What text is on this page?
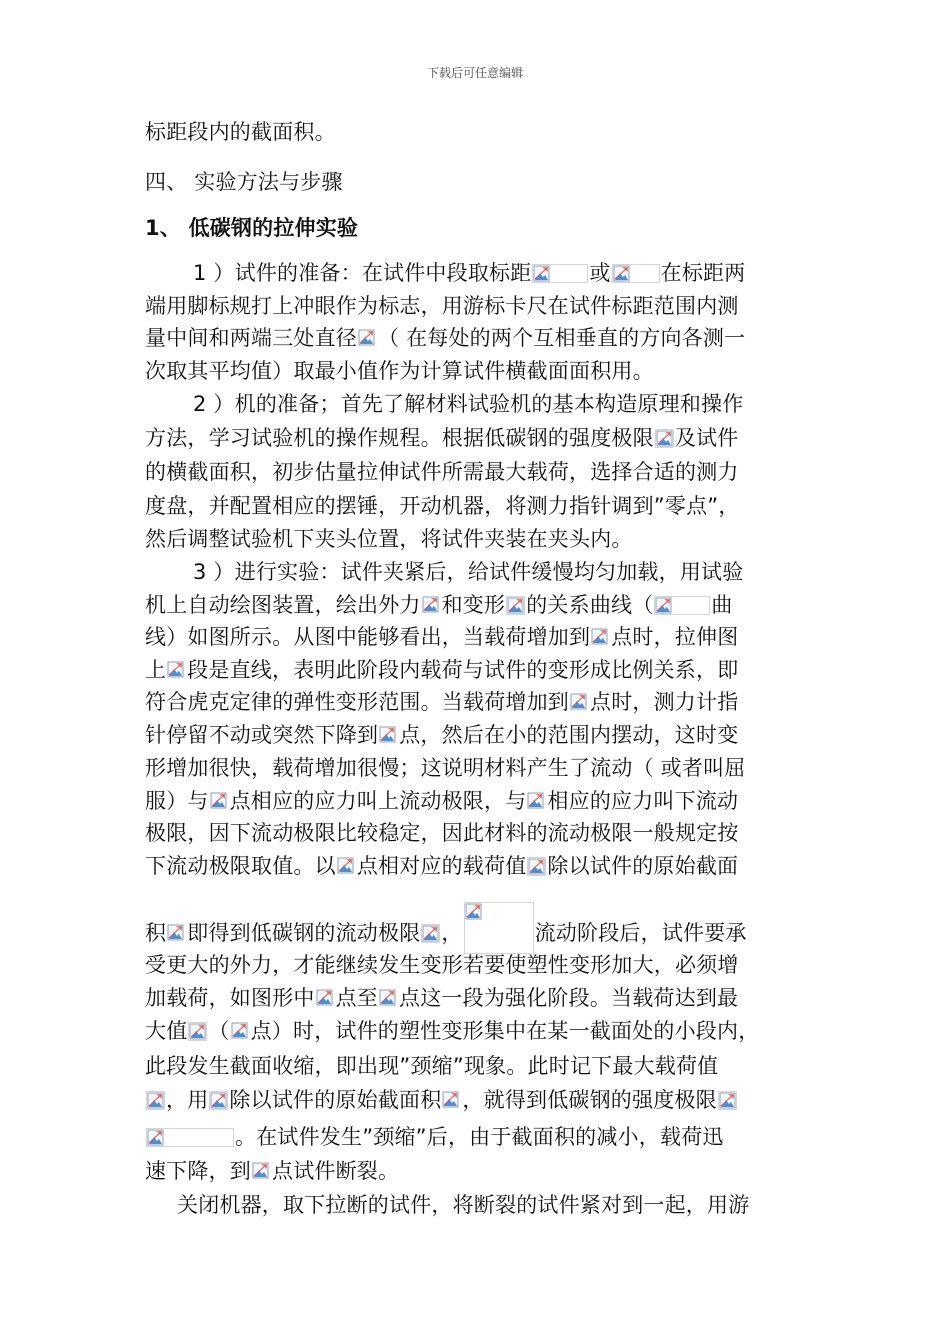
下载后可任意编辑
标距段内的截面积。
四、 实验方法与步骤
1、 低碳钢的拉伸实验
1 ）试件的准备：在试件中段取标距	或 在标距两
端用脚标规打上冲眼作为标志，用游标卡尺在试件标距范围内测
量中间和两端三处直径 （ 在每处的两个互相垂直的方向各测一
次取其平均值）取最小值作为计算试件横截面面积用。
2 ）机的准备；首先了解材料试验机的基本构造原理和操作
方法，学习试验机的操作规程。根据低碳钢的强度极限 及试件
的横截面积，初步估量拉伸试件所需最大载荷，选择合适的测力
度盘，并配置相应的摆锤，开动机器，将测力指针调到”零点”，
然后调整试验机下夹头位置，将试件夹装在夹头内。
3 ）进行实验：试件夹紧后，给试件缓慢均匀加载，用试验
机上自动绘图装置，绘出外力 和变形 的关系曲线（	曲
线）如图所示。从图中能够看出，当载荷增加到 点时，拉伸图
上 段是直线，表明此阶段内载荷与试件的变形成比例关系，即
符合虎克定律的弹性变形范围。当载荷增加到 点时，测力计指
针停留不动或突然下降到 点，然后在小的范围内摆动，这时变
形增加很快，载荷增加很慢；这说明材料产生了流动（ 或者叫屈
服）与 点相应的应力叫上流动极限，与 相应的应力叫下流动
极限，因下流动极限比较稳定，因此材料的流动极限一般规定按
下流动极限取值。以 点相对应的载荷值 除以试件的原始截面
积 即得到低碳钢的流动极限 ，	流动阶段后，试件要承
受更大的外力，才能继续发生变形若要使塑性变形加大，必须增
加载荷，如图形中 点至 点这一段为强化阶段。当载荷达到最
大值 （ 点）时，试件的塑性变形集中在某一截面处的小段内，
此段发生截面收缩，即出现”颈缩”现象。此时记下最大载荷值
，用 除以试件的原始截面积 ，就得到低碳钢的强度极限
。在试件发生”颈缩”后，由于截面积的减小，载荷迅
速下降，到 点试件断裂。
关闭机器，取下拉断的试件，将断裂的试件紧对到一起，用游
